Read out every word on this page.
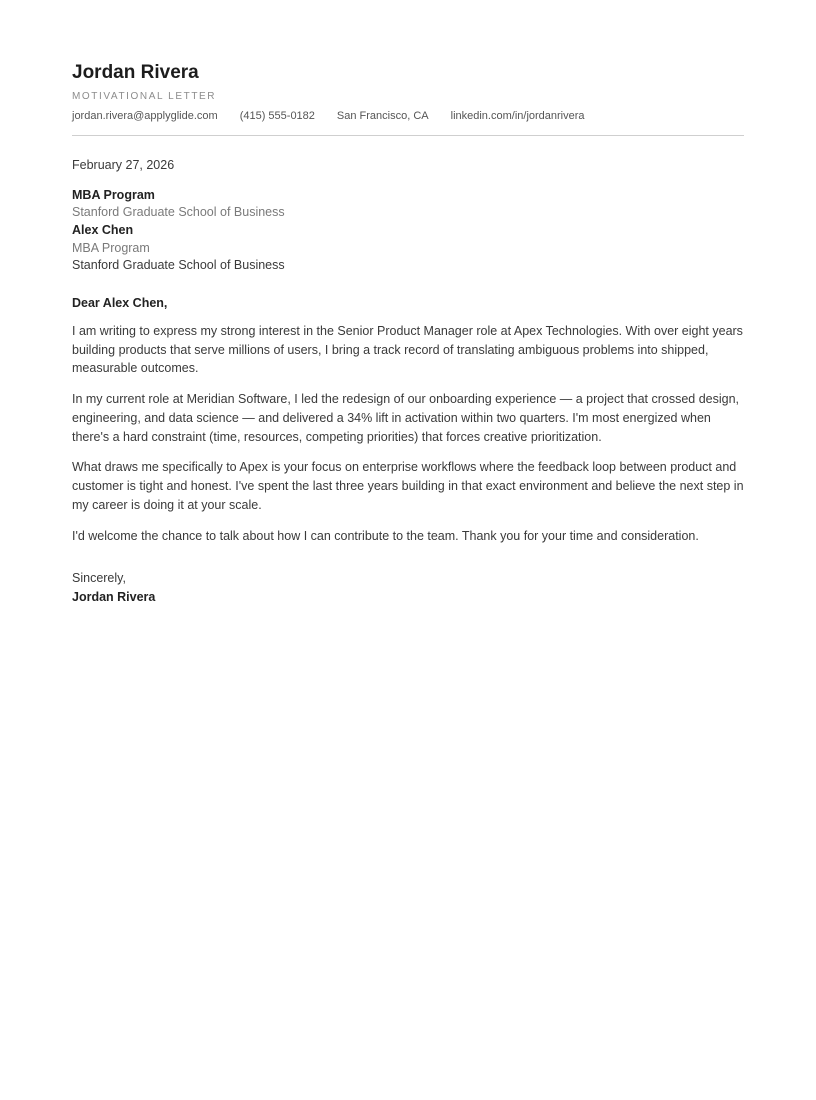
Jordan Rivera
MOTIVATIONAL LETTER
jordan.rivera@applyglide.com (415) 555-0182 San Francisco, CA linkedin.com/in/jordanrivera
February 27, 2026
MBA Program
Stanford Graduate School of Business
Alex Chen
MBA Program
Stanford Graduate School of Business
Dear Alex Chen,

I am writing to express my strong interest in the Senior Product Manager role at Apex Technologies. With over eight years building products that serve millions of users, I bring a track record of translating ambiguous problems into shipped, measurable outcomes.

In my current role at Meridian Software, I led the redesign of our onboarding experience — a project that crossed design, engineering, and data science — and delivered a 34% lift in activation within two quarters. I'm most energized when there's a hard constraint (time, resources, competing priorities) that forces creative prioritization.

What draws me specifically to Apex is your focus on enterprise workflows where the feedback loop between product and customer is tight and honest. I've spent the last three years building in that exact environment and believe the next step in my career is doing it at your scale.

I'd welcome the chance to talk about how I can contribute to the team. Thank you for your time and consideration.

Sincerely,
Jordan Rivera
